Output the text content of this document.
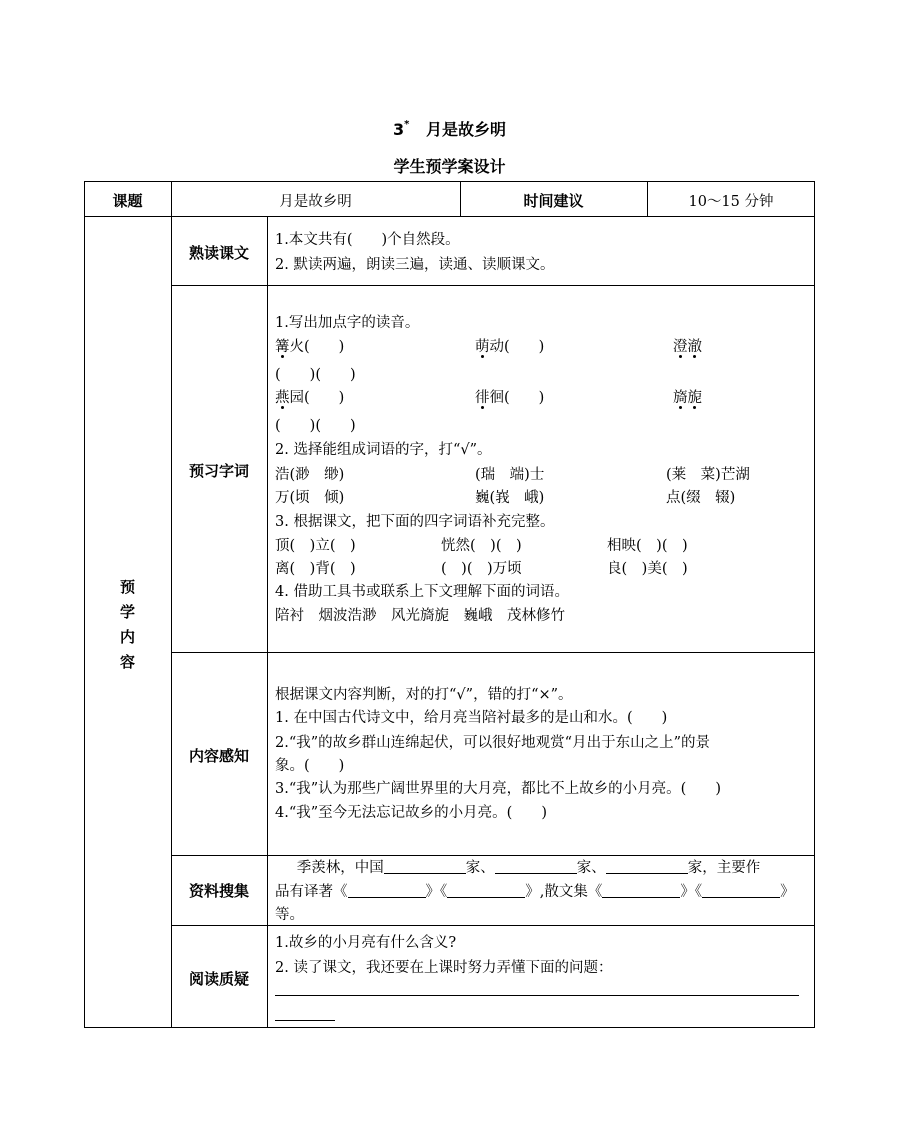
3* 月是故乡明
学生预学案设计
课题	月是故乡明	时间建议	10～15 分钟
预
学
内
容
熟读课文
1.本文共有(　　)个自然段。
2. 默读两遍，朗读三遍，读通、读顺课文。
预习字词
1.写出加点字的读音。
篝火(　　)	萌动(　　)	澄澈
(　　)(　　)
燕园(　　)	徘徊(　　)	旖旎
(　　)(　　)
2. 选择能组成词语的字，打“√”。
浩(渺　缈)	(瑞　端)士	(莱　菜)芒湖
万(顷　倾)	巍(峩　峨)	点(缀　辍)
3. 根据课文，把下面的四字词语补充完整。
顶(　)立(　)	恍然(　)(　)	相映(　)(　)
离(　)背(　)	(　)(　)万顷	良(　)美(　)
4. 借助工具书或联系上下文理解下面的词语。
陪衬　烟波浩渺　风光旖旎　巍峨　茂林修竹
内容感知
根据课文内容判断，对的打“√”，错的打“×”。
1. 在中国古代诗文中，给月亮当陪衬最多的是山和水。(　　)
2.“我”的故乡群山连绵起伏，可以很好地观赏“月出于东山之上”的景
象。(　　)
3.“我”认为那些广阔世界里的大月亮，都比不上故乡的小月亮。(　　)
4.“我”至今无法忘记故乡的小月亮。(　　)
资料搜集
  季羡林，中国	家、	家、	家，主要作
品有译著《	》《	》,散文集《	》《	》
等。
阅读质疑
1.故乡的小月亮有什么含义?
2. 读了课文，我还要在上课时努力弄懂下面的问题：
